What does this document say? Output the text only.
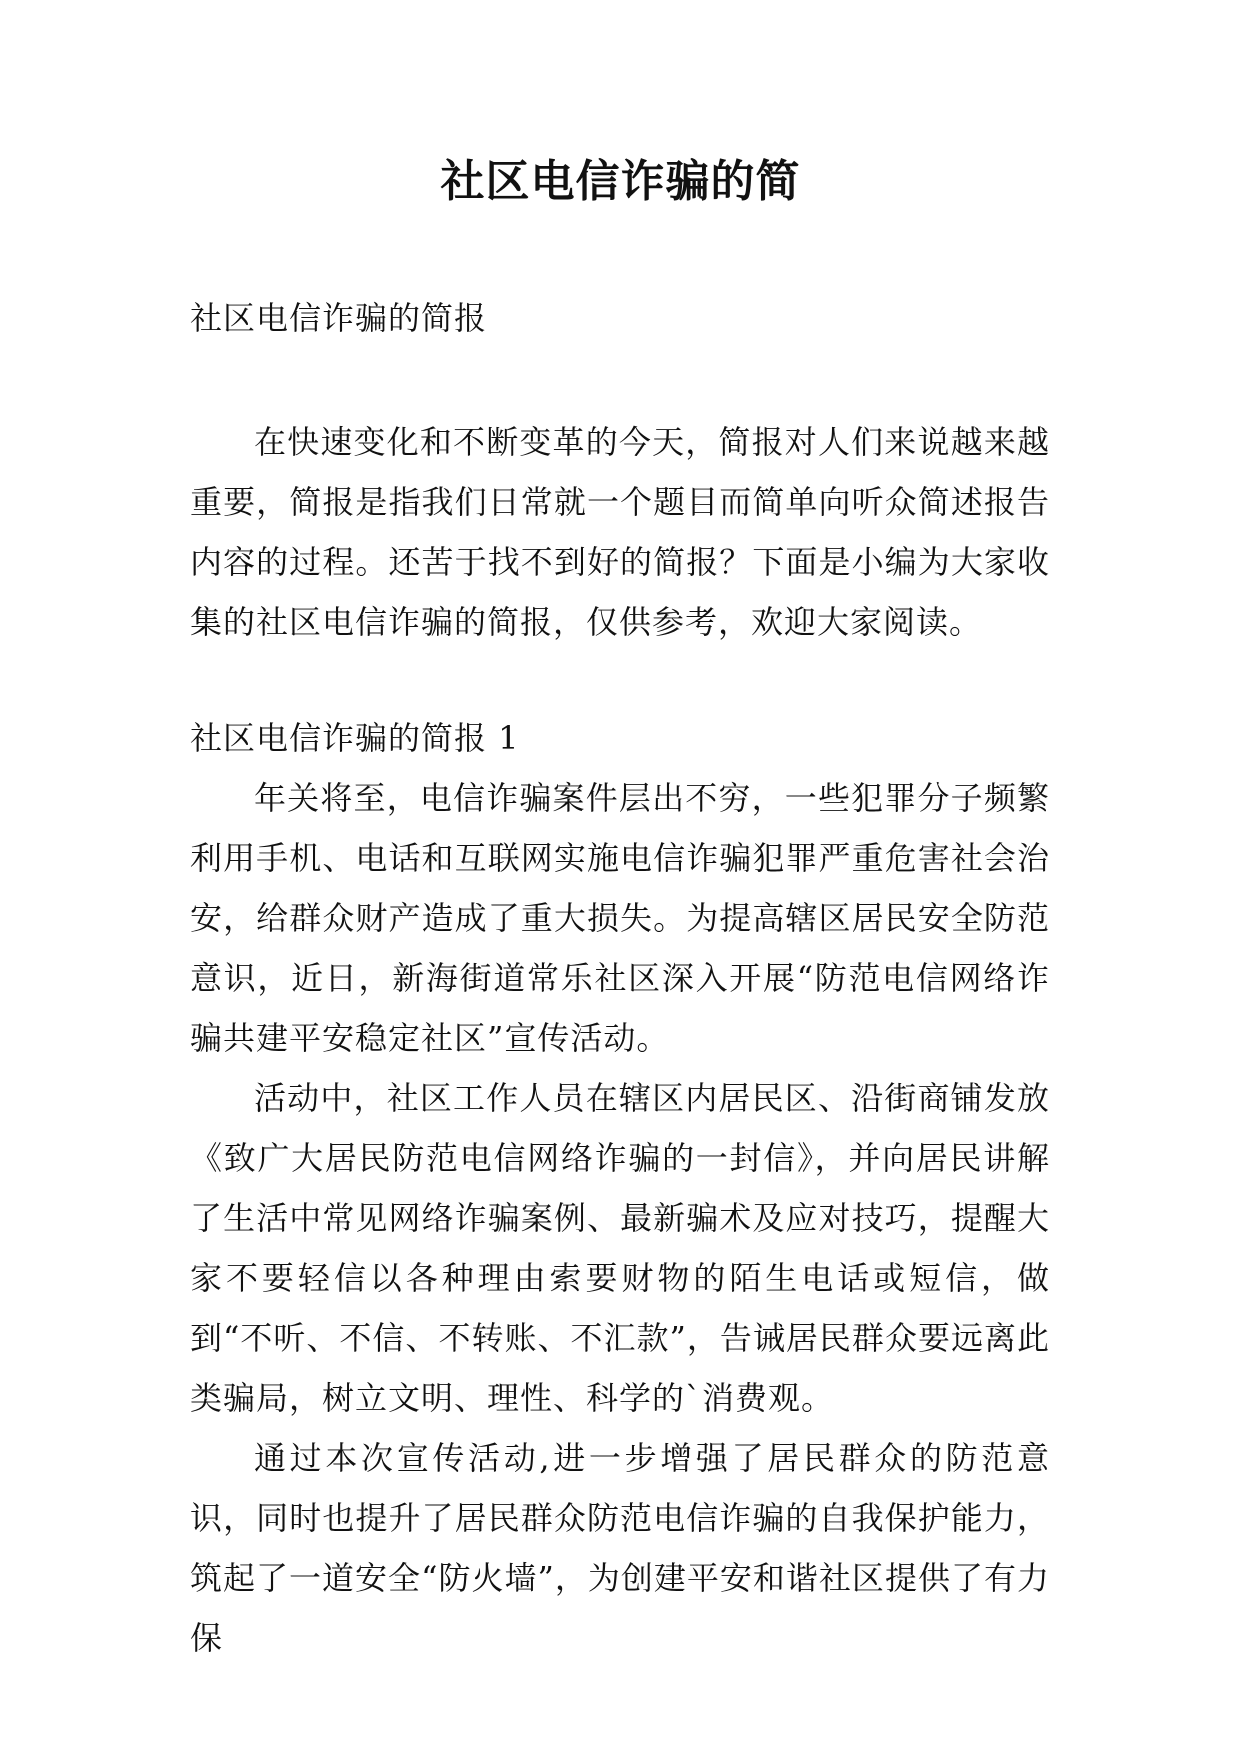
社区电信诈骗的简

社区电信诈骗的简报

在快速变化和不断变革的今天，简报对人们来说越来越重要，简报是指我们日常就一个题目而简单向听众简述报告内容的过程。还苦于找不到好的简报？下面是小编为大家收集的社区电信诈骗的简报，仅供参考，欢迎大家阅读。

社区电信诈骗的简报 1

年关将至，电信诈骗案件层出不穷，一些犯罪分子频繁利用手机、电话和互联网实施电信诈骗犯罪严重危害社会治安，给群众财产造成了重大损失。为提高辖区居民安全防范意识，近日，新海街道常乐社区深入开展“防范电信网络诈骗共建平安稳定社区”宣传活动。

活动中，社区工作人员在辖区内居民区、沿街商铺发放《致广大居民防范电信网络诈骗的一封信》，并向居民讲解了生活中常见网络诈骗案例、最新骗术及应对技巧，提醒大家不要轻信以各种理由索要财物的陌生电话或短信，做到“不听、不信、不转账、不汇款”，告诫居民群众要远离此类骗局，树立文明、理性、科学的`消费观。

通过本次宣传活动,进一步增强了居民群众的防范意识，同时也提升了居民群众防范电信诈骗的自我保护能力，筑起了一道安全“防火墙”，为创建平安和谐社区提供了有力保
